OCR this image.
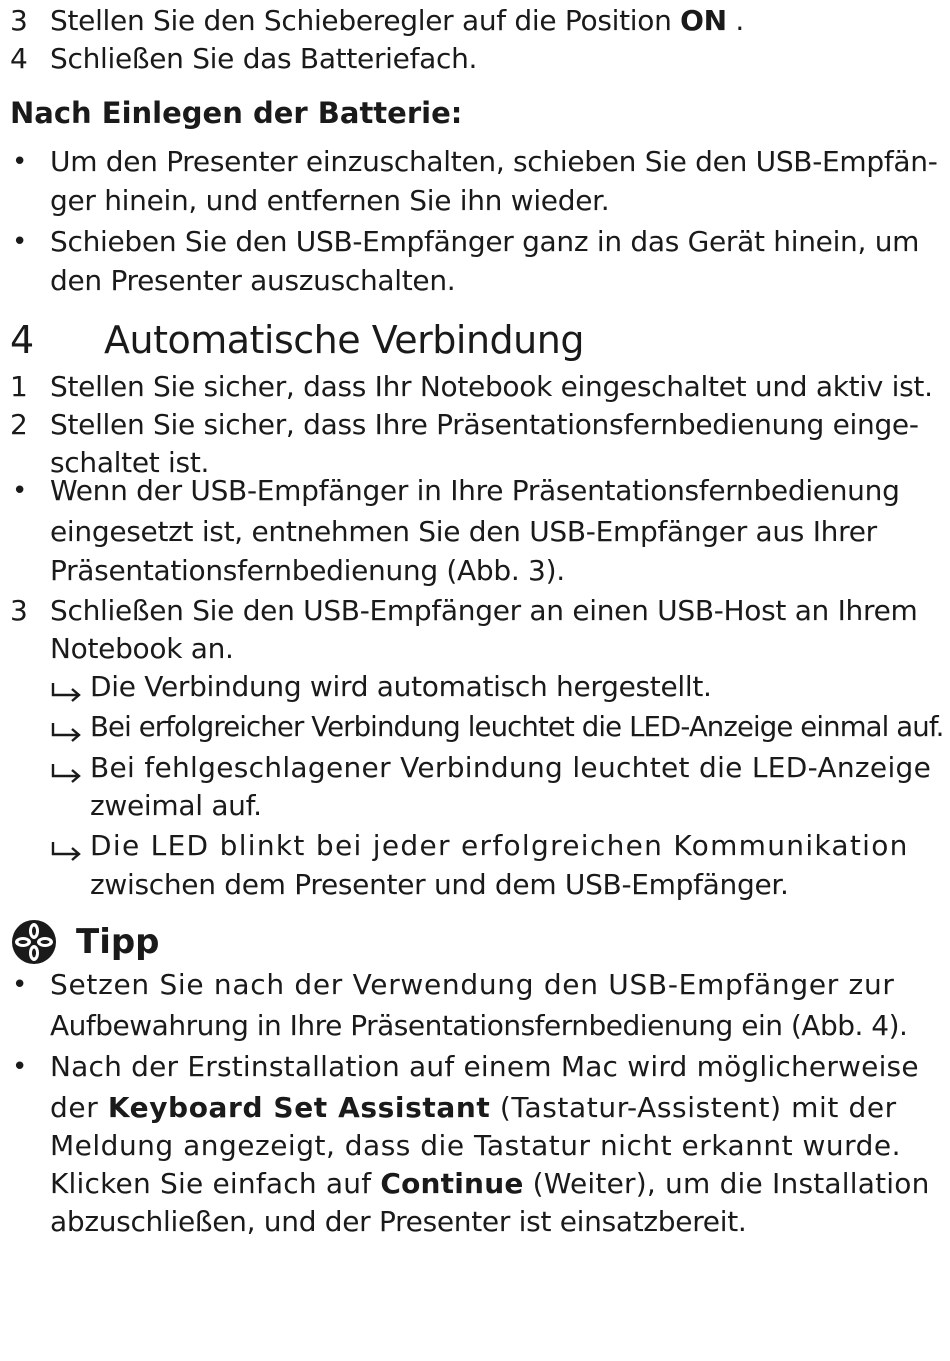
3 Stellen Sie den Schieberegler auf die Position ON .
4 Schließen Sie das Batteriefach.
Nach Einlegen der Batterie:
• Um den Presenter einzuschalten, schieben Sie den USB-Empfän-
ger hinein, und entfernen Sie ihn wieder.
• Schieben Sie den USB-Empfänger ganz in das Gerät hinein, um
den Presenter auszuschalten.
4 Automatische Verbindung
1 Stellen Sie sicher, dass Ihr Notebook eingeschaltet und aktiv ist.
2 Stellen Sie sicher, dass Ihre Präsentationsfernbedienung einge-
schaltet ist.
• Wenn der USB-Empfänger in Ihre Präsentationsfernbedienung
eingesetzt ist, entnehmen Sie den USB-Empfänger aus Ihrer
Präsentationsfernbedienung (Abb. 3).
3 Schließen Sie den USB-Empfänger an einen USB-Host an Ihrem
Notebook an.
Die Verbindung wird automatisch hergestellt.
Bei erfolgreicher Verbindung leuchtet die LED-Anzeige einmal auf.
Bei fehlgeschlagener Verbindung leuchtet die LED-Anzeige
zweimal auf.
Die LED blinkt bei jeder erfolgreichen Kommunikation
zwischen dem Presenter und dem USB-Empfänger.
Tipp
• Setzen Sie nach der Verwendung den USB-Empfänger zur
Aufbewahrung in Ihre Präsentationsfernbedienung ein (Abb. 4).
• Nach der Erstinstallation auf einem Mac wird möglicherweise
der Keyboard Set Assistant (Tastatur-Assistent) mit der
Meldung angezeigt, dass die Tastatur nicht erkannt wurde.
Klicken Sie einfach auf Continue (Weiter), um die Installation
abzuschließen, und der Presenter ist einsatzbereit.
